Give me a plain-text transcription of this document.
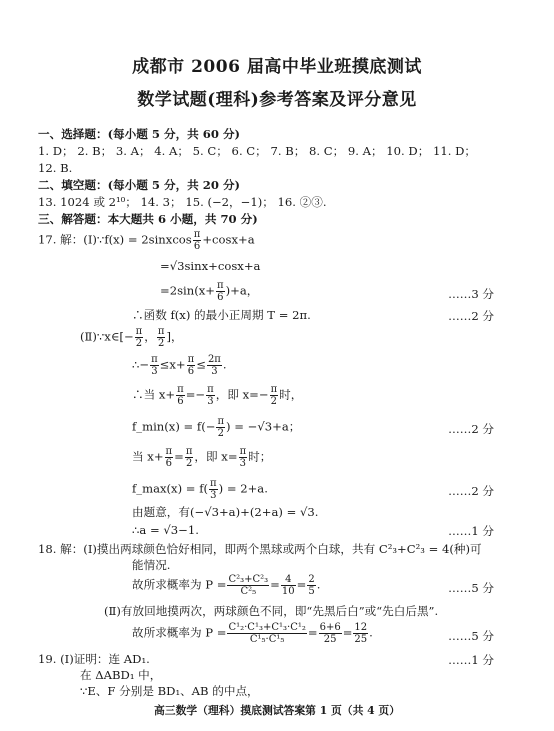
成都市 2006 届高中毕业班摸底测试
数学试题(理科)参考答案及评分意见
一、选择题：(每小题 5 分，共 60 分)
1. D； 2. B； 3. A； 4. A； 5. C； 6. C； 7. B； 8. C； 9. A； 10. D； 11. D；
12. B.
二、填空题：(每小题 5 分，共 20 分)
13. 1024 或 2¹⁰； 14. 3； 15. (−2，−1)； 16. ②③.
三、解答题：本大题共 6 小题，共 70 分)
17. 解：(Ⅰ)∵f(x) = 2sinxcos $\frac{\pi}{6} +\cos x+a$
=√3sinx+cosx+a
$=2\sin(x+ \frac{\pi}{6} )+a$，	……3 分
∴函数 f(x) 的最小正周期 T = 2π.	……2 分
(Ⅱ)∵x∈[− $\frac{\pi}{2}$ ， $\frac{\pi}{2}$ ]，
∴− $\frac{\pi}{3} \le x+ \frac{\pi}{6} \le \frac{2\pi}{3}$ .
∴当 $x+ \frac{\pi}{6} =- \frac{\pi}{3}$ ，即 $x=- \frac{\pi}{2}$ 时，
f_min(x) = $f(- \frac{\pi}{2}$ ) = −√3+a；	……2 分
当 $x+ \frac{\pi}{6} = \frac{\pi}{2}$ ，即 $x= \frac{\pi}{3}$ 时；
f_max(x) = $f( \frac{\pi}{3}$ ) = 2+a.	……2 分
由题意，有(−√3+a)+(2+a) = √3.
∴a = √3−1.	……1 分
18. 解：(Ⅰ)摸出两球颜色恰好相同，即两个黑球或两个白球，共有 C²₃+C²₃ = 4(种)可
能情况.
故所求概率为 $P = \frac{\text{C²₃+C²₃}}{\text{C²₅}} = \frac{4}{10} = \frac{2}{5}$ .	……5 分
(Ⅱ)有放回地摸两次，两球颜色不同，即“先黑后白”或“先白后黑”.
故所求概率为 $P = \frac{\text{C¹₂·C¹₃+C¹₃·C¹₂}}{\text{C¹₅·C¹₅}} = \frac{6+6}{25} = \frac{12}{25}$ .	……5 分
19. (Ⅰ)证明：连 AD₁.	……1 分
在 ΔABD₁ 中，
∵E、F 分别是 BD₁、AB 的中点，
高三数学（理科）摸底测试答案第 1 页（共 4 页）
